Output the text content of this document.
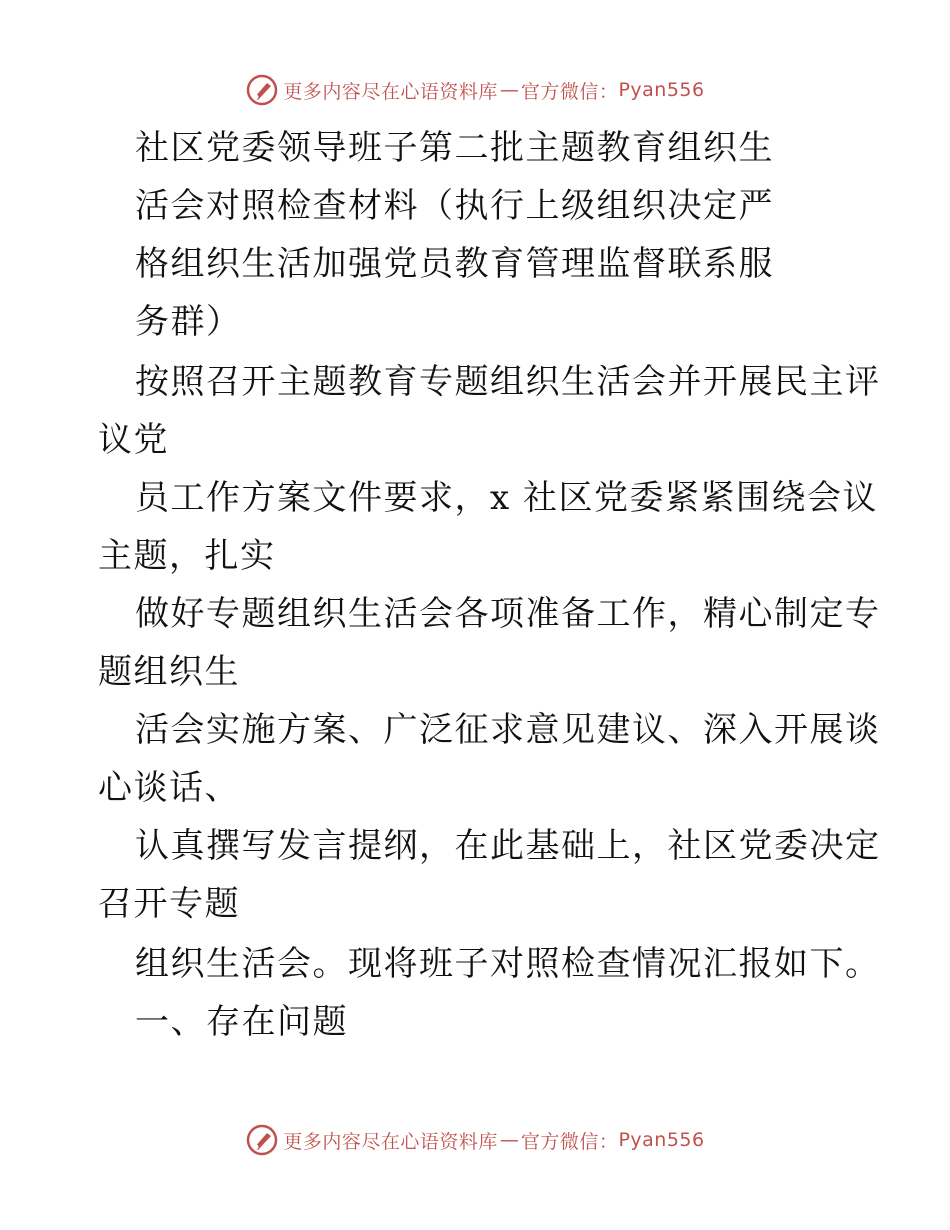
更多内容尽在心语资料库 — 官方微信： Pyan556
社区党委领导班子第二批主题教育组织生
活会对照检查材料（执行上级组织决定严
格组织生活加强党员教育管理监督联系服
务群）
按照召开主题教育专题组织生活会并开展民主评
议党
员工作方案文件要求，x 社区党委紧紧围绕会议
主题，扎实
做好专题组织生活会各项准备工作，精心制定专
题组织生
活会实施方案、广泛征求意见建议、深入开展谈
心谈话、
认真撰写发言提纲，在此基础上，社区党委决定
召开专题
组织生活会。现将班子对照检查情况汇报如下。
一、存在问题
更多内容尽在心语资料库 — 官方微信： Pyan556
